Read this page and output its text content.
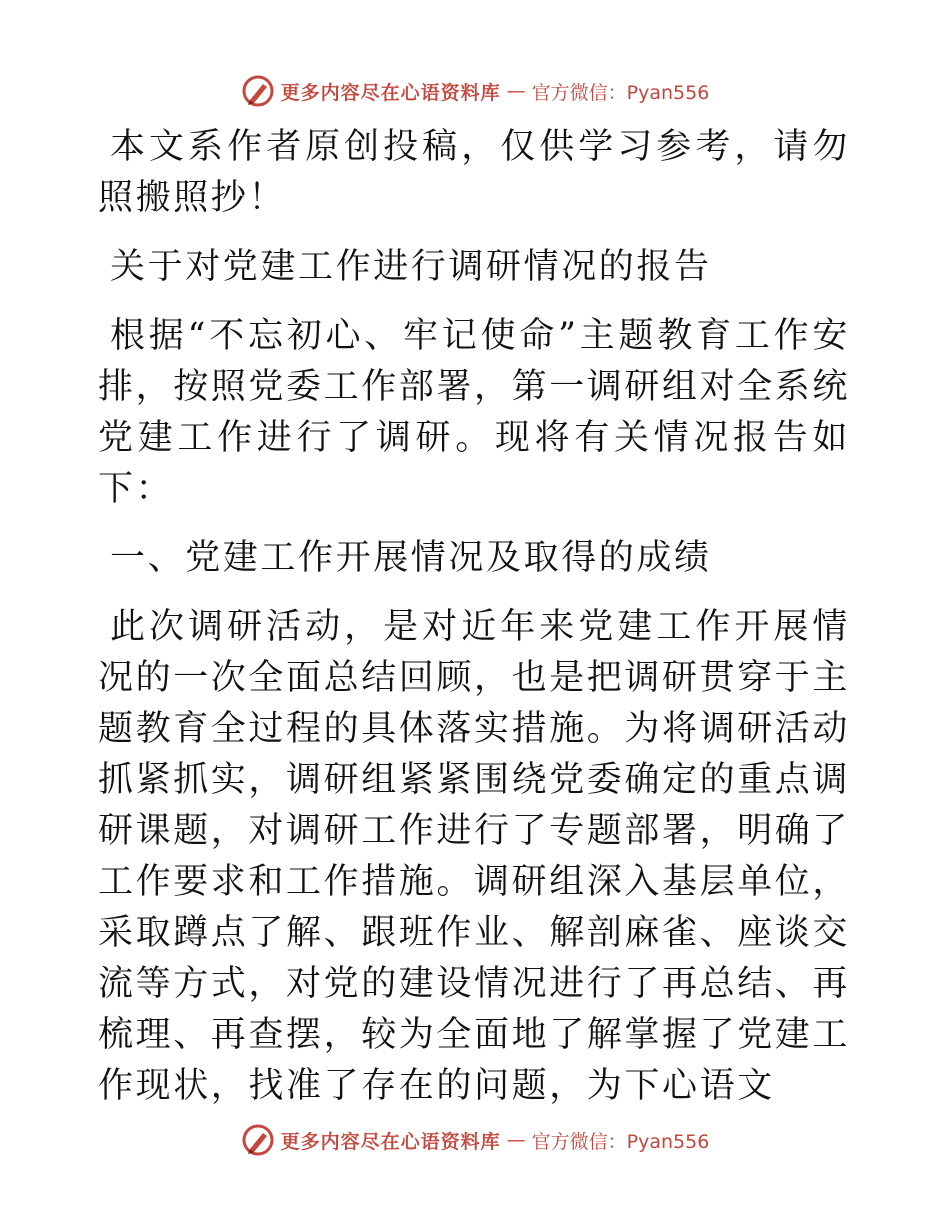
更多内容尽在心语资料库 — 官方微信：Pyan556

本文系作者原创投稿，仅供学习参考，请勿照搬照抄！

关于对党建工作进行调研情况的报告

根据“不忘初心、牢记使命”主题教育工作安排，按照党委工作部署，第一调研组对全系统党建工作进行了调研。现将有关情况报告如下：

一、党建工作开展情况及取得的成绩

此次调研活动，是对近年来党建工作开展情况的一次全面总结回顾，也是把调研贯穿于主题教育全过程的具体落实措施。为将调研活动抓紧抓实，调研组紧紧围绕党委确定的重点调研课题，对调研工作进行了专题部署，明确了工作要求和工作措施。调研组深入基层单位，采取蹲点了解、跟班作业、解剖麻雀、座谈交流等方式，对党的建设情况进行了再总结、再梳理、再查摆，较为全面地了解掌握了党建工作现状，找准了存在的问题，为下心语文

更多内容尽在心语资料库 — 官方微信：Pyan556
